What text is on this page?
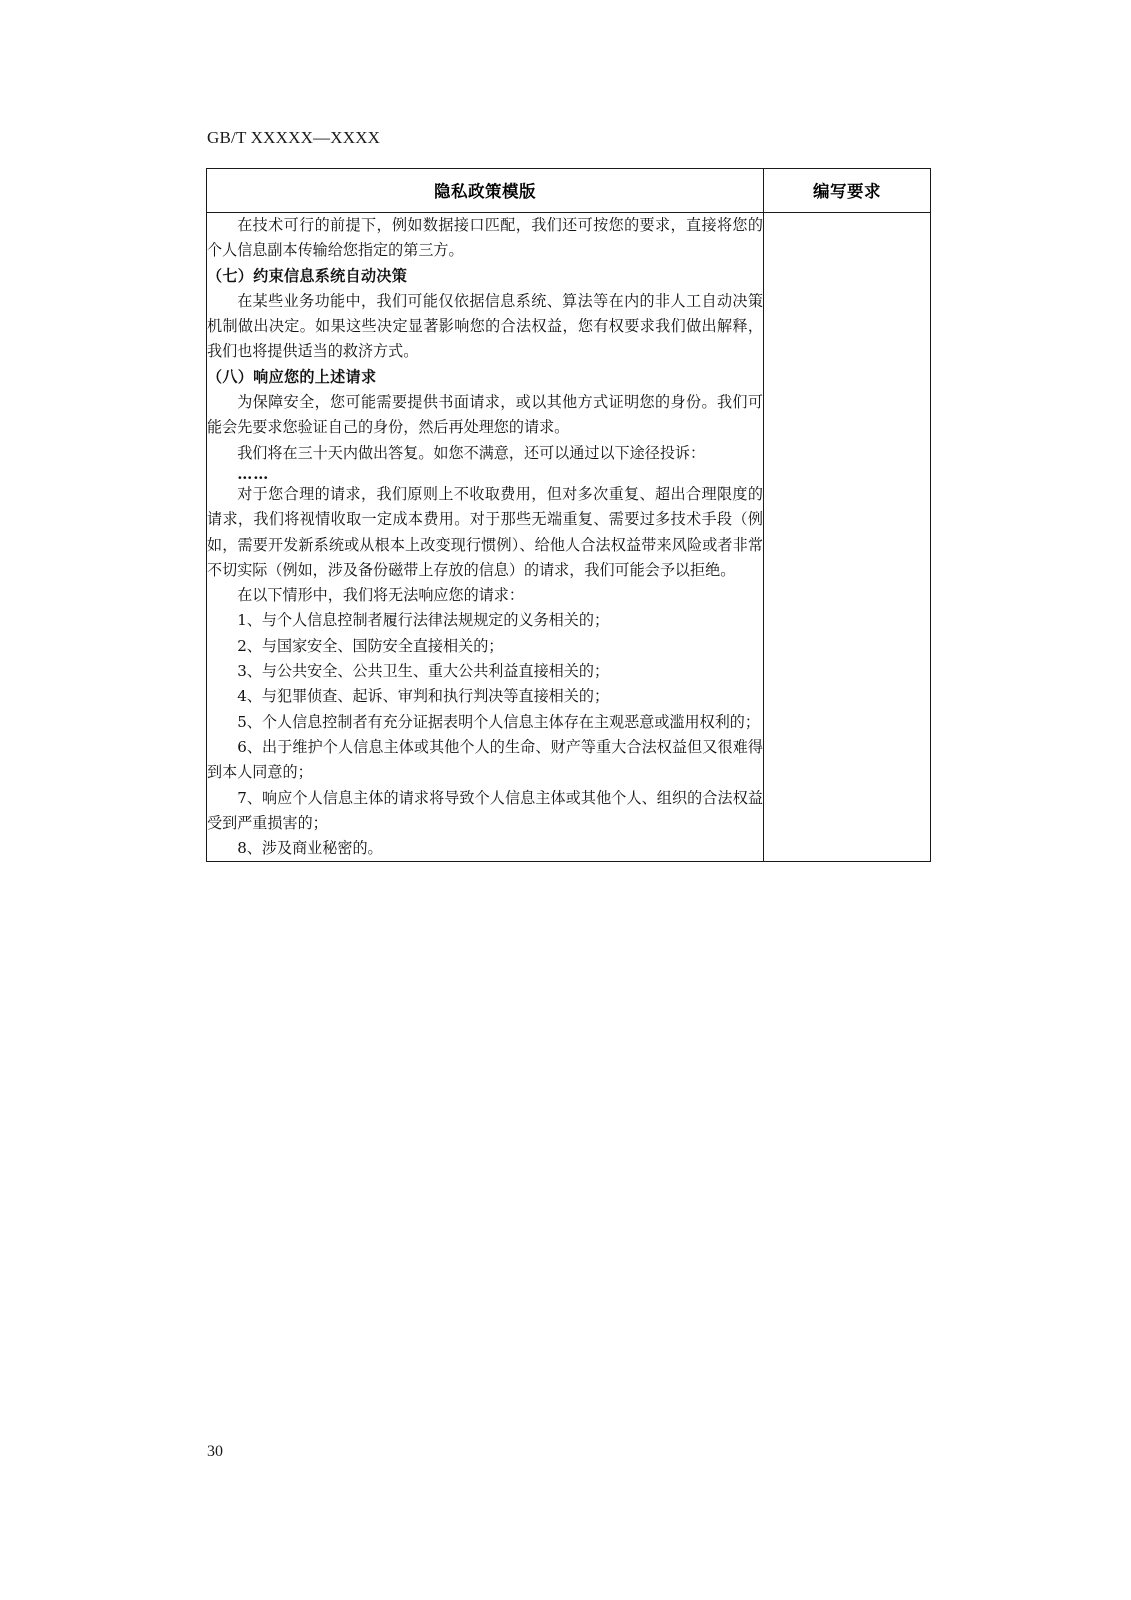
GB/T XXXXX—XXXX
隐私政策模版	编写要求

在技术可行的前提下，例如数据接口匹配，我们还可按您的要求，直接将您的个人信息副本传输给您指定的第三方。

（七）约束信息系统自动决策

在某些业务功能中，我们可能仅依据信息系统、算法等在内的非人工自动决策机制做出决定。如果这些决定显著影响您的合法权益，您有权要求我们做出解释，我们也将提供适当的救济方式。

（八）响应您的上述请求

为保障安全，您可能需要提供书面请求，或以其他方式证明您的身份。我们可能会先要求您验证自己的身份，然后再处理您的请求。

我们将在三十天内做出答复。如您不满意，还可以通过以下途径投诉：

……

对于您合理的请求，我们原则上不收取费用，但对多次重复、超出合理限度的请求，我们将视情收取一定成本费用。对于那些无端重复、需要过多技术手段（例如，需要开发新系统或从根本上改变现行惯例）、给他人合法权益带来风险或者非常不切实际（例如，涉及备份磁带上存放的信息）的请求，我们可能会予以拒绝。

在以下情形中，我们将无法响应您的请求：

1、与个人信息控制者履行法律法规规定的义务相关的；

2、与国家安全、国防安全直接相关的；

3、与公共安全、公共卫生、重大公共利益直接相关的；

4、与犯罪侦查、起诉、审判和执行判决等直接相关的；

5、个人信息控制者有充分证据表明个人信息主体存在主观恶意或滥用权利的；

6、出于维护个人信息主体或其他个人的生命、财产等重大合法权益但又很难得到本人同意的；

7、响应个人信息主体的请求将导致个人信息主体或其他个人、组织的合法权益受到严重损害的；

8、涉及商业秘密的。

30
